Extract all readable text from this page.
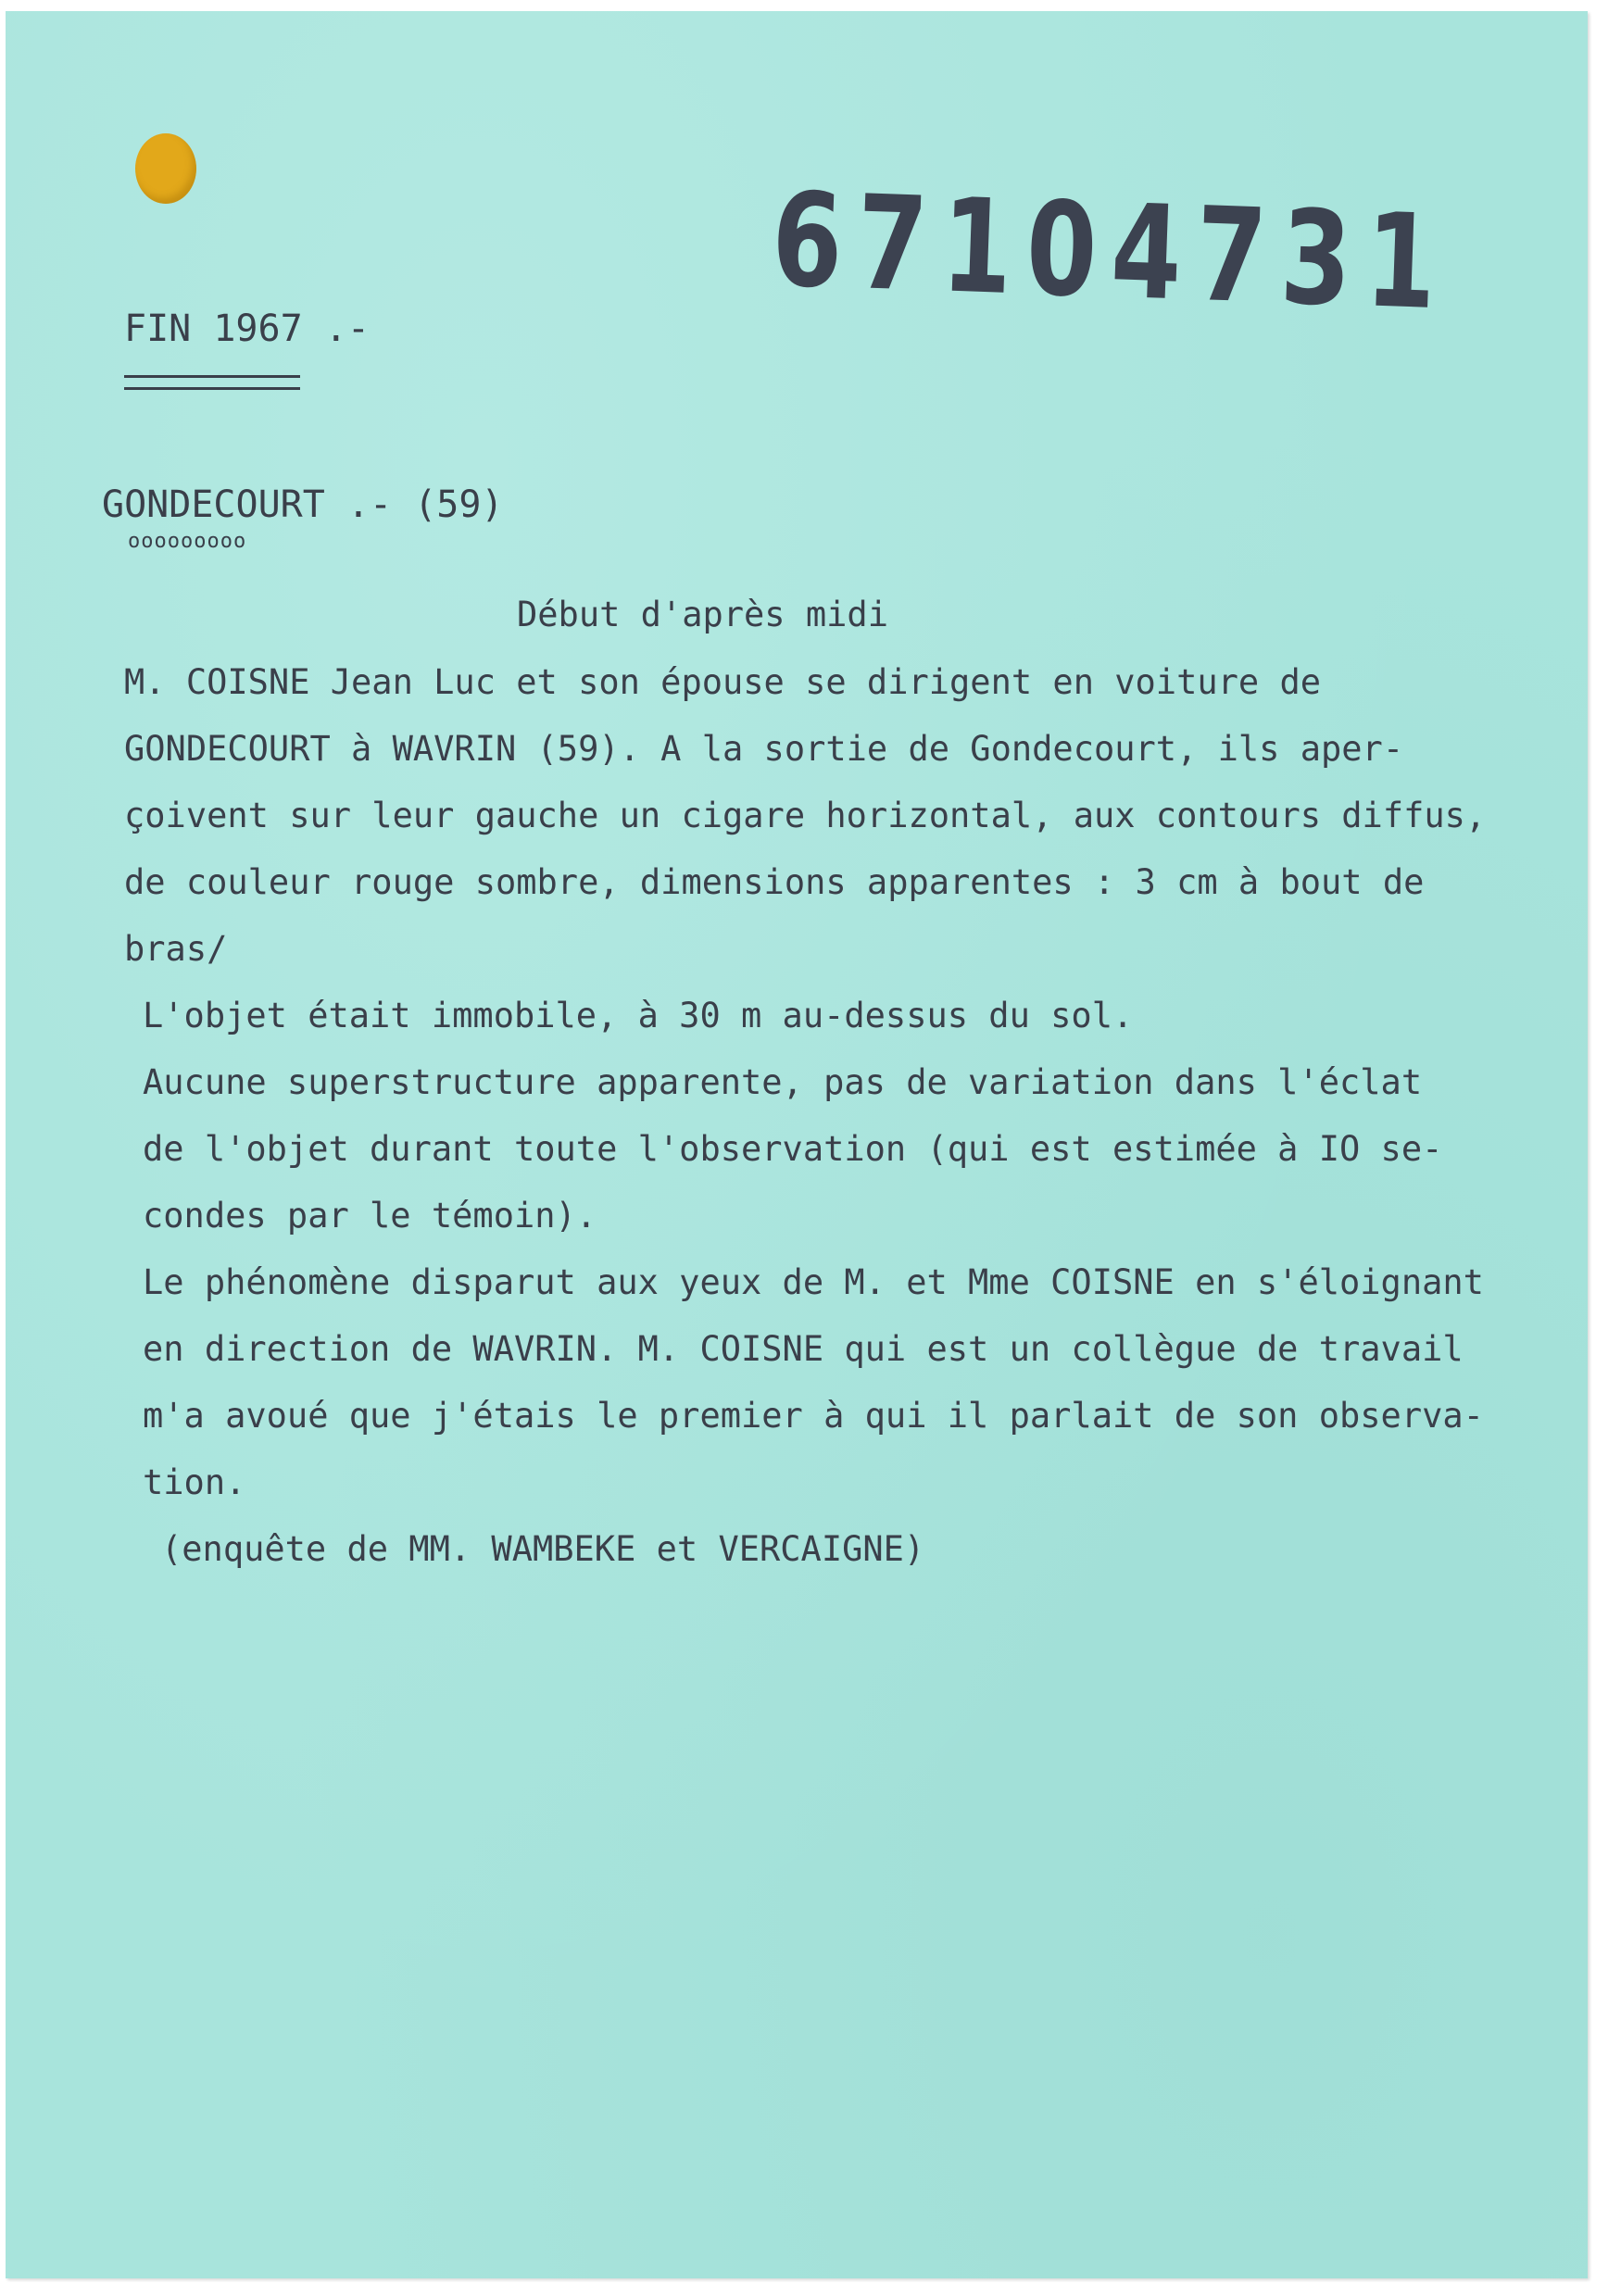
67104731
FIN 1967 .-
GONDECOURT .- (59)
ooooooooo
Début d'après midi
M. COISNE Jean Luc et son épouse se dirigent en voiture de
GONDECOURT à WAVRIN (59). A la sortie de Gondecourt, ils aper-
çoivent sur leur gauche un cigare horizontal, aux contours diffus,
de couleur rouge sombre, dimensions apparentes : 3 cm à bout de
bras/
L'objet était immobile, à 30 m au-dessus du sol.
Aucune superstructure apparente, pas de variation dans l'éclat
de l'objet durant toute l'observation (qui est estimée à IO se-
condes par le témoin).
Le phénomène disparut aux yeux de M. et Mme COISNE en s'éloignant
en direction de WAVRIN. M. COISNE qui est un collègue de travail
m'a avoué que j'étais le premier à qui il parlait de son observa-
tion.
(enquête de MM. WAMBEKE et VERCAIGNE)
